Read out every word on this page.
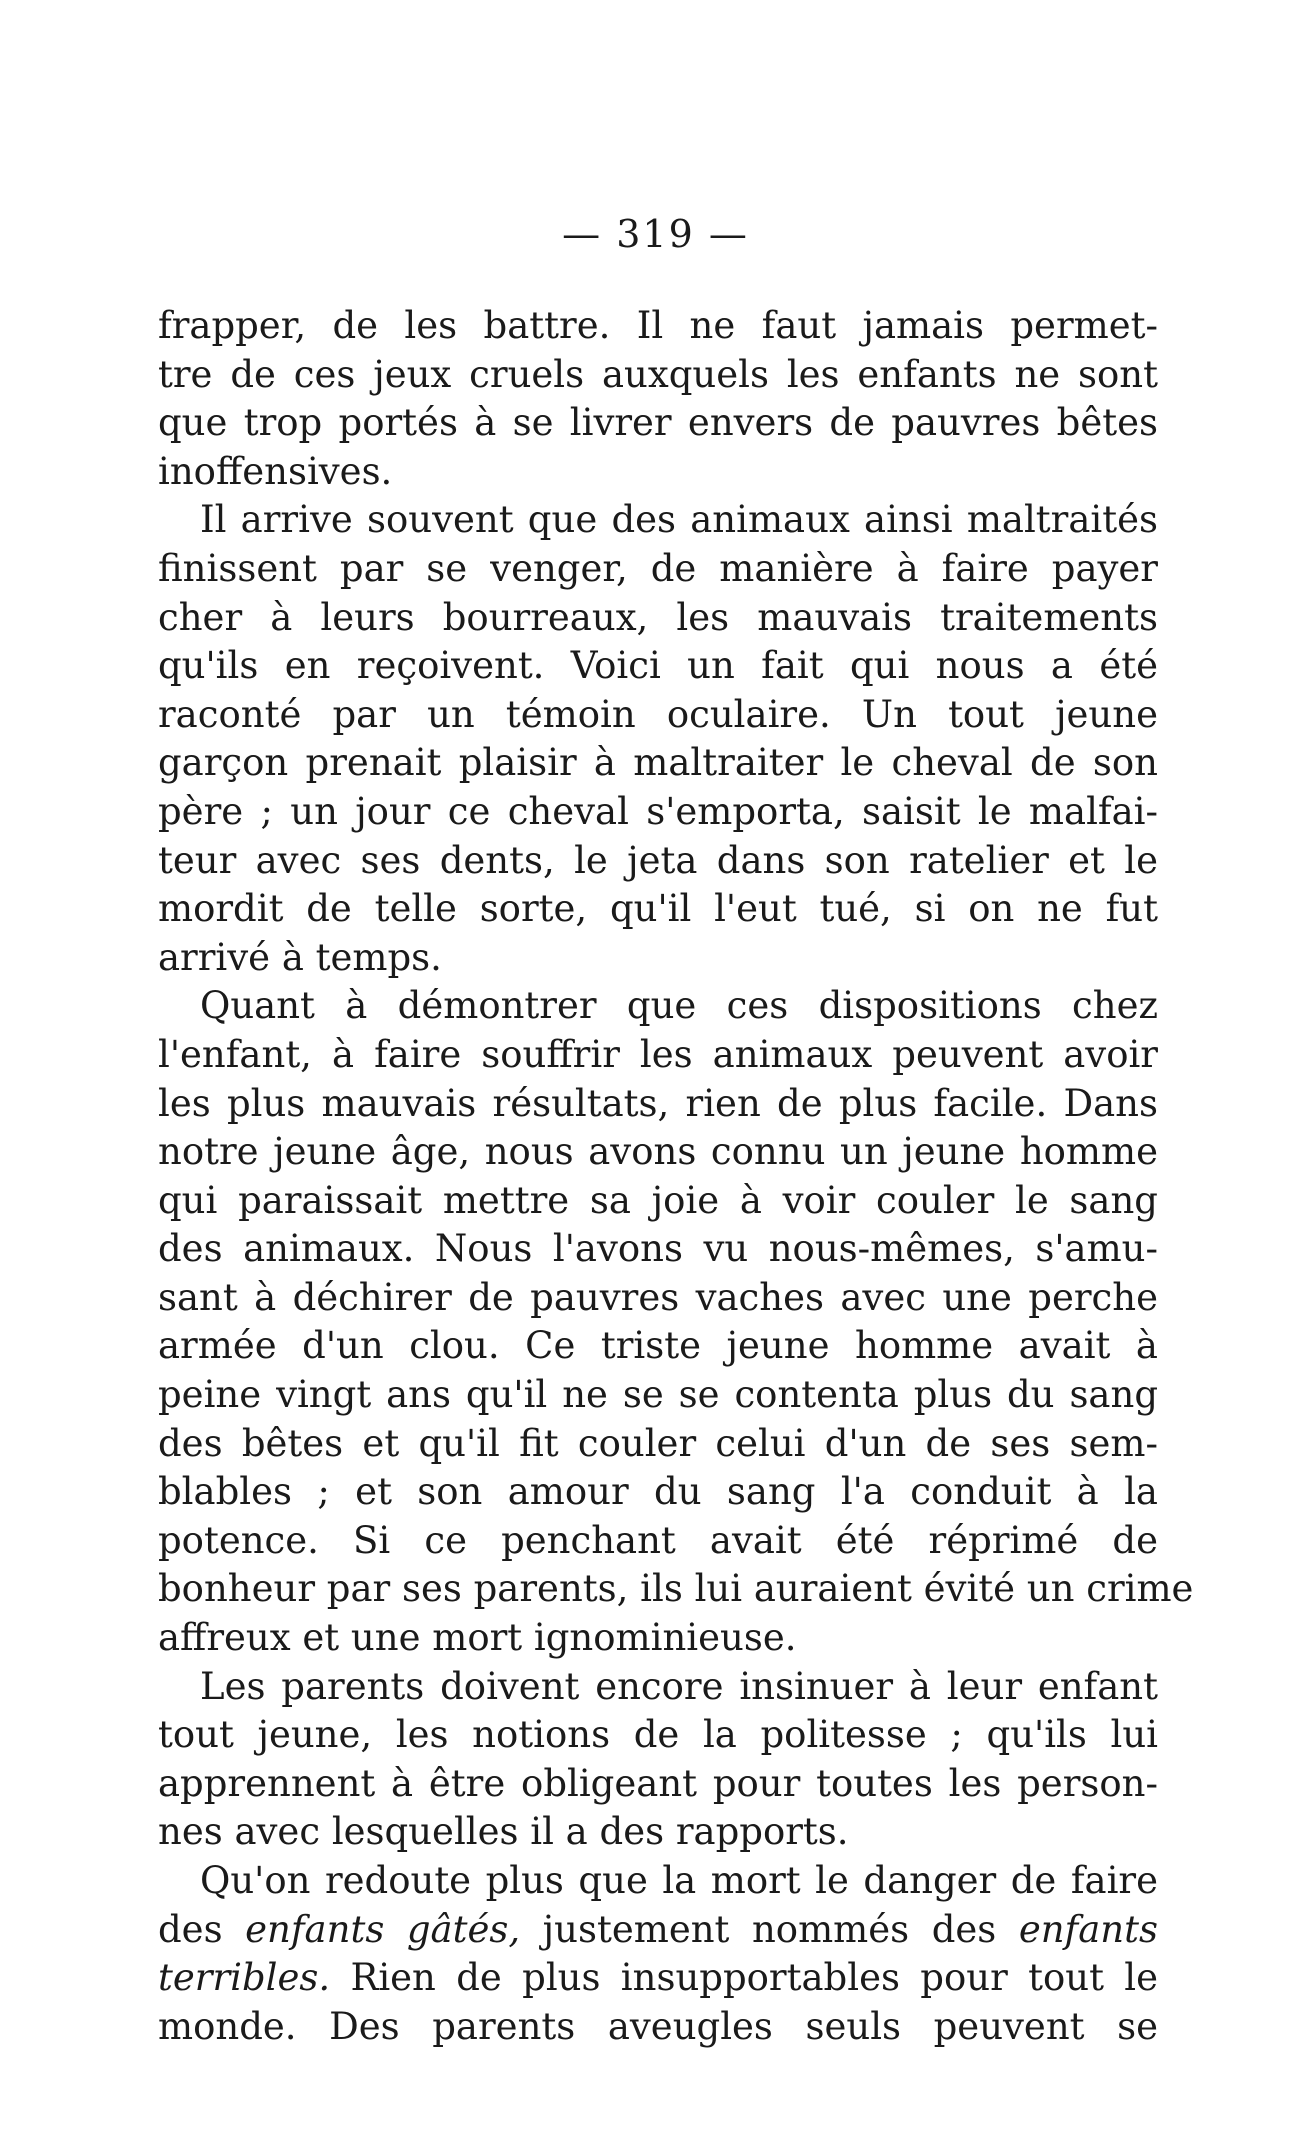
— 319 —
frapper, de les battre. Il ne faut jamais permet-
tre de ces jeux cruels auxquels les enfants ne sont
que trop portés à se livrer envers de pauvres bêtes
inoffensives.
Il arrive souvent que des animaux ainsi maltraités
finissent par se venger, de manière à faire payer
cher à leurs bourreaux, les mauvais traitements
qu'ils en reçoivent. Voici un fait qui nous a été
raconté par un témoin oculaire. Un tout jeune
garçon prenait plaisir à maltraiter le cheval de son
père ; un jour ce cheval s'emporta, saisit le malfai-
teur avec ses dents, le jeta dans son ratelier et le
mordit de telle sorte, qu'il l'eut tué, si on ne fut
arrivé à temps.
Quant à démontrer que ces dispositions chez
l'enfant, à faire souffrir les animaux peuvent avoir
les plus mauvais résultats, rien de plus facile. Dans
notre jeune âge, nous avons connu un jeune homme
qui paraissait mettre sa joie à voir couler le sang
des animaux. Nous l'avons vu nous-mêmes, s'amu-
sant à déchirer de pauvres vaches avec une perche
armée d'un clou. Ce triste jeune homme avait à
peine vingt ans qu'il ne se se contenta plus du sang
des bêtes et qu'il fit couler celui d'un de ses sem-
blables ; et son amour du sang l'a conduit à la
potence. Si ce penchant avait été réprimé de
bonheur par ses parents, ils lui auraient évité un crime
affreux et une mort ignominieuse.
Les parents doivent encore insinuer à leur enfant
tout jeune, les notions de la politesse ; qu'ils lui
apprennent à être obligeant pour toutes les person-
nes avec lesquelles il a des rapports.
Qu'on redoute plus que la mort le danger de faire
des enfants gâtés, justement nommés des enfants
terribles. Rien de plus insupportables pour tout le
monde. Des parents aveugles seuls peuvent se
